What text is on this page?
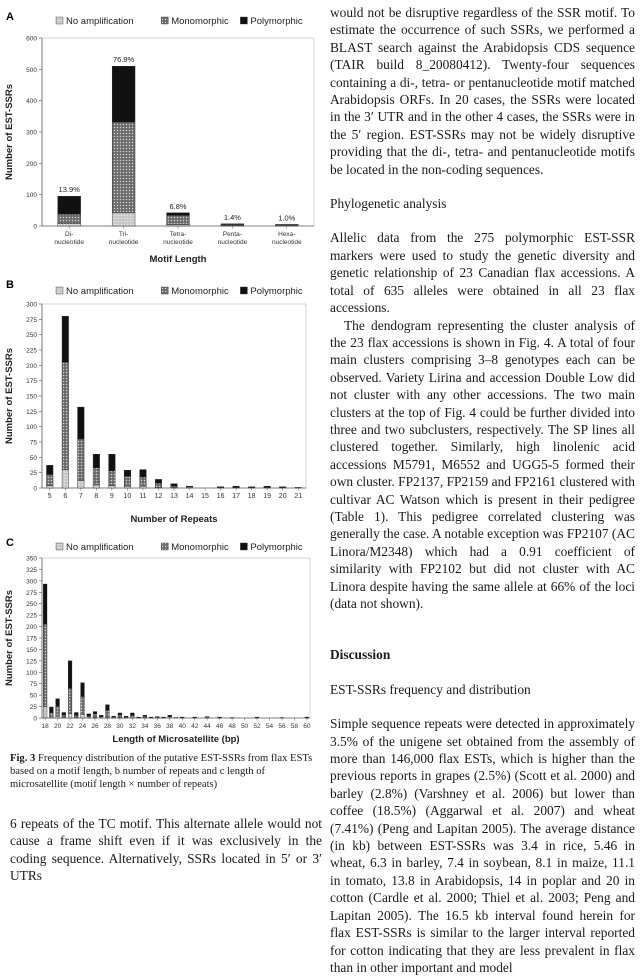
A	No amplification	Monomorphic Polymorphic
0
100
200
300
400
500
600
13.9%
Di-
nucleotide
76.9%
Tri-
nucleotide
6.8%
Tetra-
nucleotide
1.4%
Penta-
nucleotide
1.0%
Hexa-
nucleotide
Motif Length
Number of EST-SSRs
B
No amplification	Monomorphic Polymorphic
0
25
50
75
100
125
150
175
200
225
250
275
300
5 6 7 8 9 10 11 12 13 14 15 16 17 18 19 20 21
Number of Repeats
Number of EST-SSRs
C	No amplification	Monomorphic Polymorphic
0
25
50
75
100
125
150
175
200
225
250
275
300
325
350
18 20 22 24 26 28 30 32 34 36 38 40 42 44 46 48 50 52 54 56 58 60
Length of Microsatellite (bp)
Number of EST-SSRs
Fig. 3 Frequency distribution of the putative EST-SSRs from flax ESTs based on a motif length, b number of repeats and c length of microsatellite (motif length × number of repeats)
6 repeats of the TC motif. This alternate allele would not cause a frame shift even if it was exclusively in the coding sequence. Alternatively, SSRs located in 5′ or 3′ UTRs

would not be disruptive regardless of the SSR motif. To estimate the occurrence of such SSRs, we performed a BLAST search against the Arabidopsis CDS sequence (TAIR build 8_20080412). Twenty-four sequences containing a di-, tetra- or pentanucleotide motif matched Arabidopsis ORFs. In 20 cases, the SSRs were located in the 3′ UTR and in the other 4 cases, the SSRs were in the 5′ region. EST-SSRs may not be widely disruptive providing that the di-, tetra- and pentanucleotide motifs be located in the non-coding sequences.

Phylogenetic analysis

Allelic data from the 275 polymorphic EST-SSR markers were used to study the genetic diversity and genetic relationship of 23 Canadian flax accessions. A total of 635 alleles were obtained in all 23 flax accessions.

The dendogram representing the cluster analysis of the 23 flax accessions is shown in Fig. 4. A total of four main clusters comprising 3–8 genotypes each can be observed. Variety Lirina and accession Double Low did not cluster with any other accessions. The two main clusters at the top of Fig. 4 could be further divided into three and two subclusters, respectively. The SP lines all clustered together. Similarly, high linolenic acid accessions M5791, M6552 and UGG5-5 formed their own cluster. FP2137, FP2159 and FP2161 clustered with cultivar AC Watson which is present in their pedigree (Table 1). This pedigree correlated clustering was generally the case. A notable exception was FP2107 (AC Linora/M2348) which had a 0.91 coefficient of similarity with FP2102 but did not cluster with AC Linora despite having the same allele at 66% of the loci (data not shown).

Discussion
EST-SSRs frequency and distribution

Simple sequence repeats were detected in approximately 3.5% of the unigene set obtained from the assembly of more than 146,000 flax ESTs, which is higher than the previous reports in grapes (2.5%) (Scott et al. 2000) and barley (2.8%) (Varshney et al. 2006) but lower than coffee (18.5%) (Aggarwal et al. 2007) and wheat (7.41%) (Peng and Lapitan 2005). The average distance (in kb) between EST-SSRs was 3.4 in rice, 5.46 in wheat, 6.3 in barley, 7.4 in soybean, 8.1 in maize, 11.1 in tomato, 13.8 in Arabidopsis, 14 in poplar and 20 in cotton (Cardle et al. 2000; Thiel et al. 2003; Peng and Lapitan 2005). The 16.5 kb interval found herein for flax EST-SSRs is similar to the larger interval reported for cotton indicating that they are less prevalent in flax than in other important and model
